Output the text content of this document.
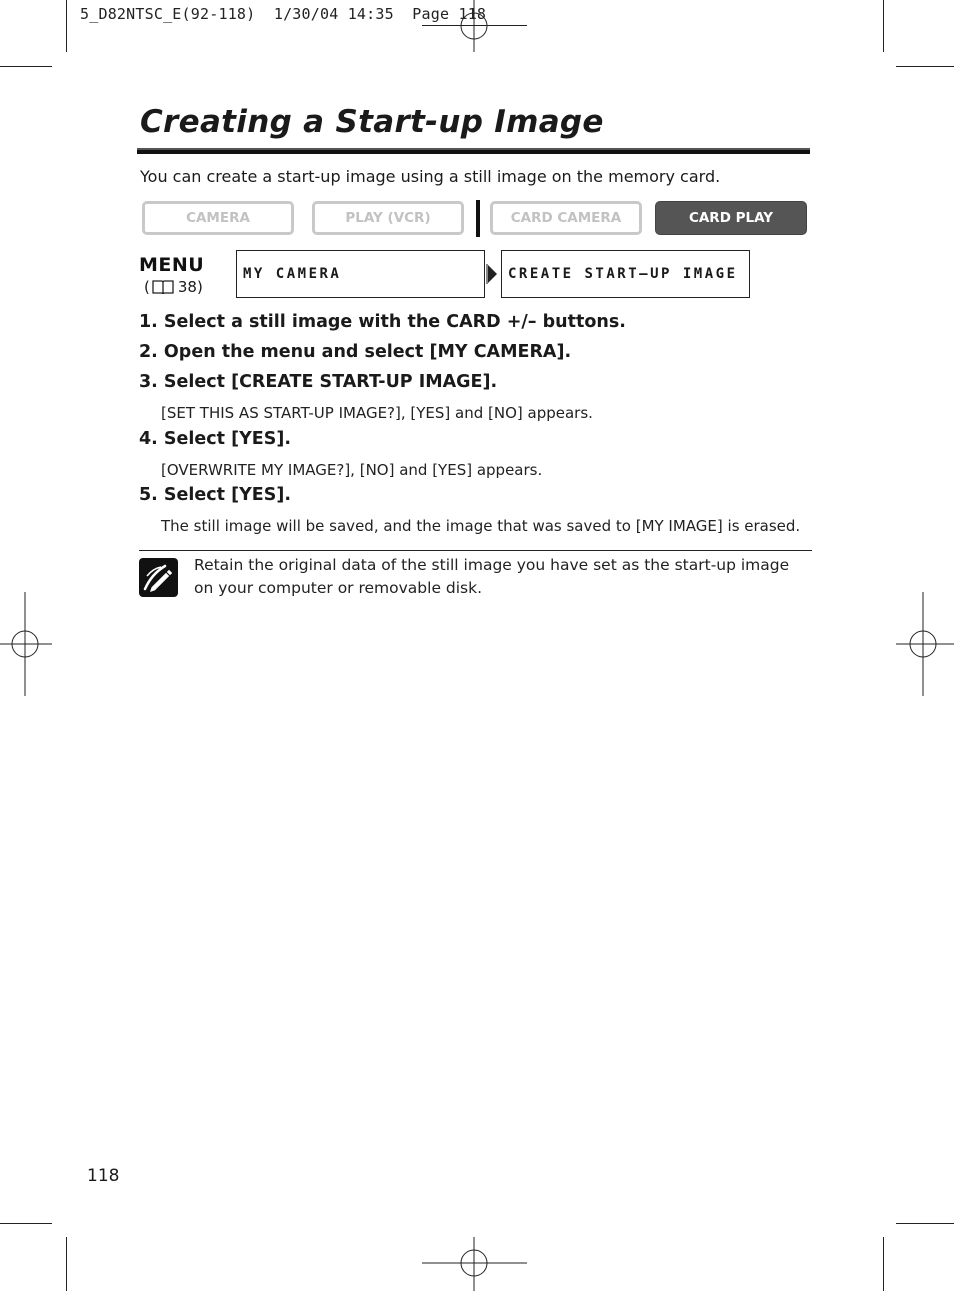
5_D82NTSC_E(92-118)  1/30/04 14:35  Page 118
Creating a Start-up Image
You can create a start-up image using a still image on the memory card.
CAMERA	PLAY (VCR)	CARD CAMERA	CARD PLAY
MENU
( 38)
MY CAMERA	CREATE START–UP IMAGE
1. Select a still image with the CARD +/– buttons.
2. Open the menu and select [MY CAMERA].
3. Select [CREATE START-UP IMAGE].
[SET THIS AS START-UP IMAGE?], [YES] and [NO] appears.
4. Select [YES].
[OVERWRITE MY IMAGE?], [NO] and [YES] appears.
5. Select [YES].
The still image will be saved, and the image that was saved to [MY IMAGE] is erased.
Retain the original data of the still image you have set as the start-up image on your computer or removable disk.
118
